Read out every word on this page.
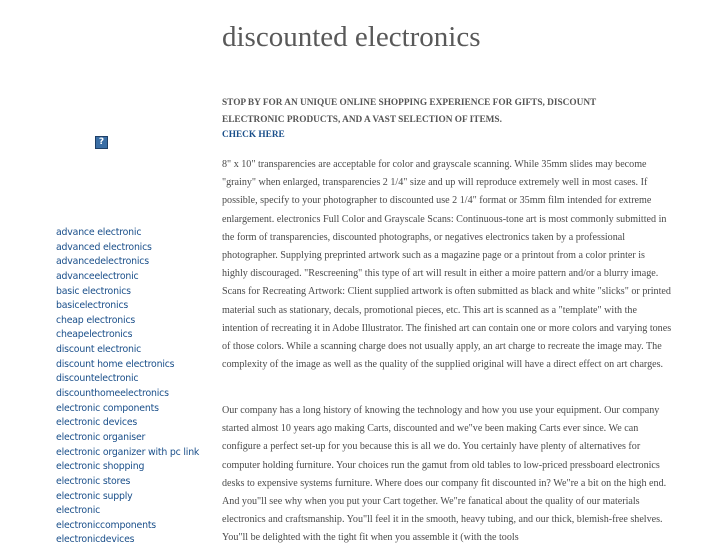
?
advance electronic
advanced electronics
advancedelectronics
advanceelectronic
basic electronics
basicelectronics
cheap electronics
cheapelectronics
discount electronic
discount home electronics
discountelectronic
discounthomeelectronics
electronic components
electronic devices
electronic organiser
electronic organizer with pc link
electronic shopping
electronic stores
electronic supply
electronic
electroniccomponents
electronicdevices
discounted electronics

STOP BY FOR AN UNIQUE ONLINE SHOPPING EXPERIENCE FOR GIFTS, DISCOUNT ELECTRONIC PRODUCTS, AND A VAST SELECTION OF ITEMS.

CHECK HERE

8" x 10" transparencies are acceptable for color and grayscale scanning. While 35mm slides may become "grainy" when enlarged, transparencies 2 1/4" size and up will reproduce extremely well in most cases. If possible, specify to your photographer to discounted use 2 1/4" format or 35mm film intended for extreme enlargement. electronics Full Color and Grayscale Scans: Continuous-tone art is most commonly submitted in the form of transparencies, discounted photographs, or negatives electronics taken by a professional photographer. Supplying preprinted artwork such as a magazine page or a printout from a color printer is highly discouraged. "Rescreening" this type of art will result in either a moire pattern and/or a blurry image. Scans for Recreating Artwork: Client supplied artwork is often submitted as black and white "slicks" or printed material such as stationary, decals, promotional pieces, etc. This art is scanned as a "template" with the intention of recreating it in Adobe Illustrator. The finished art can contain one or more colors and varying tones of those colors. While a scanning charge does not usually apply, an art charge to recreate the image may. The complexity of the image as well as the quality of the supplied original will have a direct effect on art charges.

Our company has a long history of knowing the technology and how you use your equipment. Our company started almost 10 years ago making Carts, discounted and we"ve been making Carts ever since. We can configure a perfect set-up for you because this is all we do. You certainly have plenty of alternatives for computer holding furniture. Your choices run the gamut from old tables to low-priced pressboard electronics desks to expensive systems furniture. Where does our company fit discounted in? We"re a bit on the high end. And you"ll see why when you put your Cart together. We"re fanatical about the quality of our materials electronics and craftsmanship. You"ll feel it in the smooth, heavy tubing, and our thick, blemish-free shelves. You"ll be delighted with the tight fit when you assemble it (with the tools
